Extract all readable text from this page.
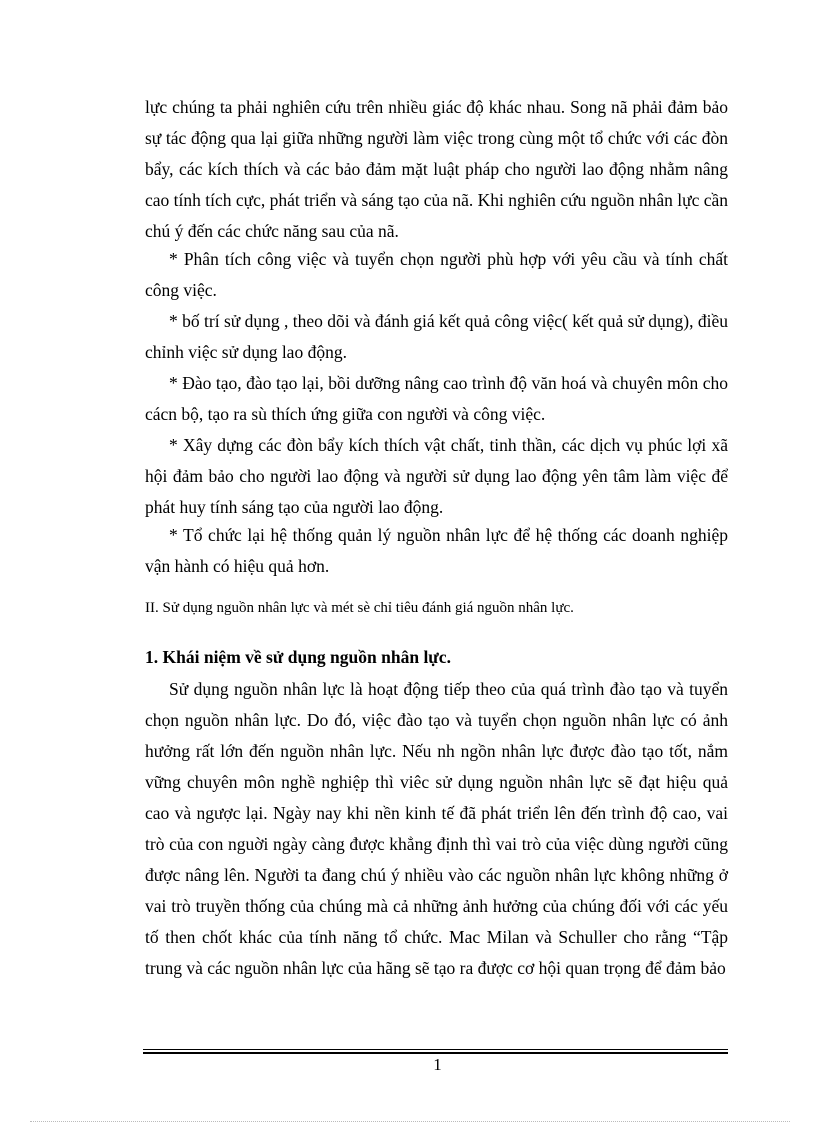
lực chúng ta phải nghiên cứu trên nhiều giác độ khác nhau. Song nã phải đảm bảo sự tác động qua lại giữa những người làm việc trong cùng một tổ chức với các đòn bẩy, các kích thích và các bảo đảm mặt luật pháp cho người lao động nhằm nâng cao tính tích cực, phát triển và sáng tạo của nã. Khi nghiên cứu nguồn nhân lực cần chú ý đến các chức năng sau của nã.

* Phân tích công việc và tuyển chọn người phù hợp với yêu cầu và tính chất công việc.

* bố trí sử dụng , theo dõi và đánh giá kết quả công việc( kết quả sử dụng), điều chỉnh việc sử dụng lao động.

* Đào tạo, đào tạo lại, bồi dưỡng nâng cao trình độ văn hoá và chuyên môn cho cácn bộ, tạo ra sù thích ứng giữa con người và công việc.

* Xây dựng các đòn bẩy kích thích vật chất, tinh thần, các dịch vụ phúc lợi xã hội đảm bảo cho người lao động và người sử dụng lao động yên tâm làm việc để phát huy tính sáng tạo của người lao động.

* Tổ chức lại hệ thống quản lý nguồn nhân lực để hệ thống các doanh nghiệp vận hành có hiệu quả hơn.

II. Sử dụng nguồn nhân lực và mét sè chỉ tiêu đánh giá nguồn nhân lực.

1. Khái niệm về sử dụng nguồn nhân lực.

Sử dụng nguồn nhân lực là hoạt động tiếp theo của quá trình đào tạo và tuyển chọn nguồn nhân lực. Do đó, việc đào tạo và tuyển chọn nguồn nhân lực có ảnh hưởng rất lớn đến nguồn nhân lực. Nếu nh ngồn nhân lực được đào tạo tốt, nắm vững chuyên môn nghề nghiệp thì viêc sử dụng nguồn nhân lực sẽ đạt hiệu quả cao và ngược lại. Ngày nay khi nền kinh tế đã phát triển lên đến trình độ cao, vai trò của con nguời ngày càng được khẳng định thì vai trò của việc dùng người cũng được nâng lên. Người ta đang chú ý nhiều vào các nguồn nhân lực không những ở vai trò truyền thống của chúng mà cả những ảnh hưởng của chúng đối với các yếu tố then chốt khác của tính năng tổ chức. Mac Milan và Schuller cho rằng “Tập trung và các nguồn nhân lực của hãng sẽ tạo ra được cơ hội quan trọng để đảm bảo

1
